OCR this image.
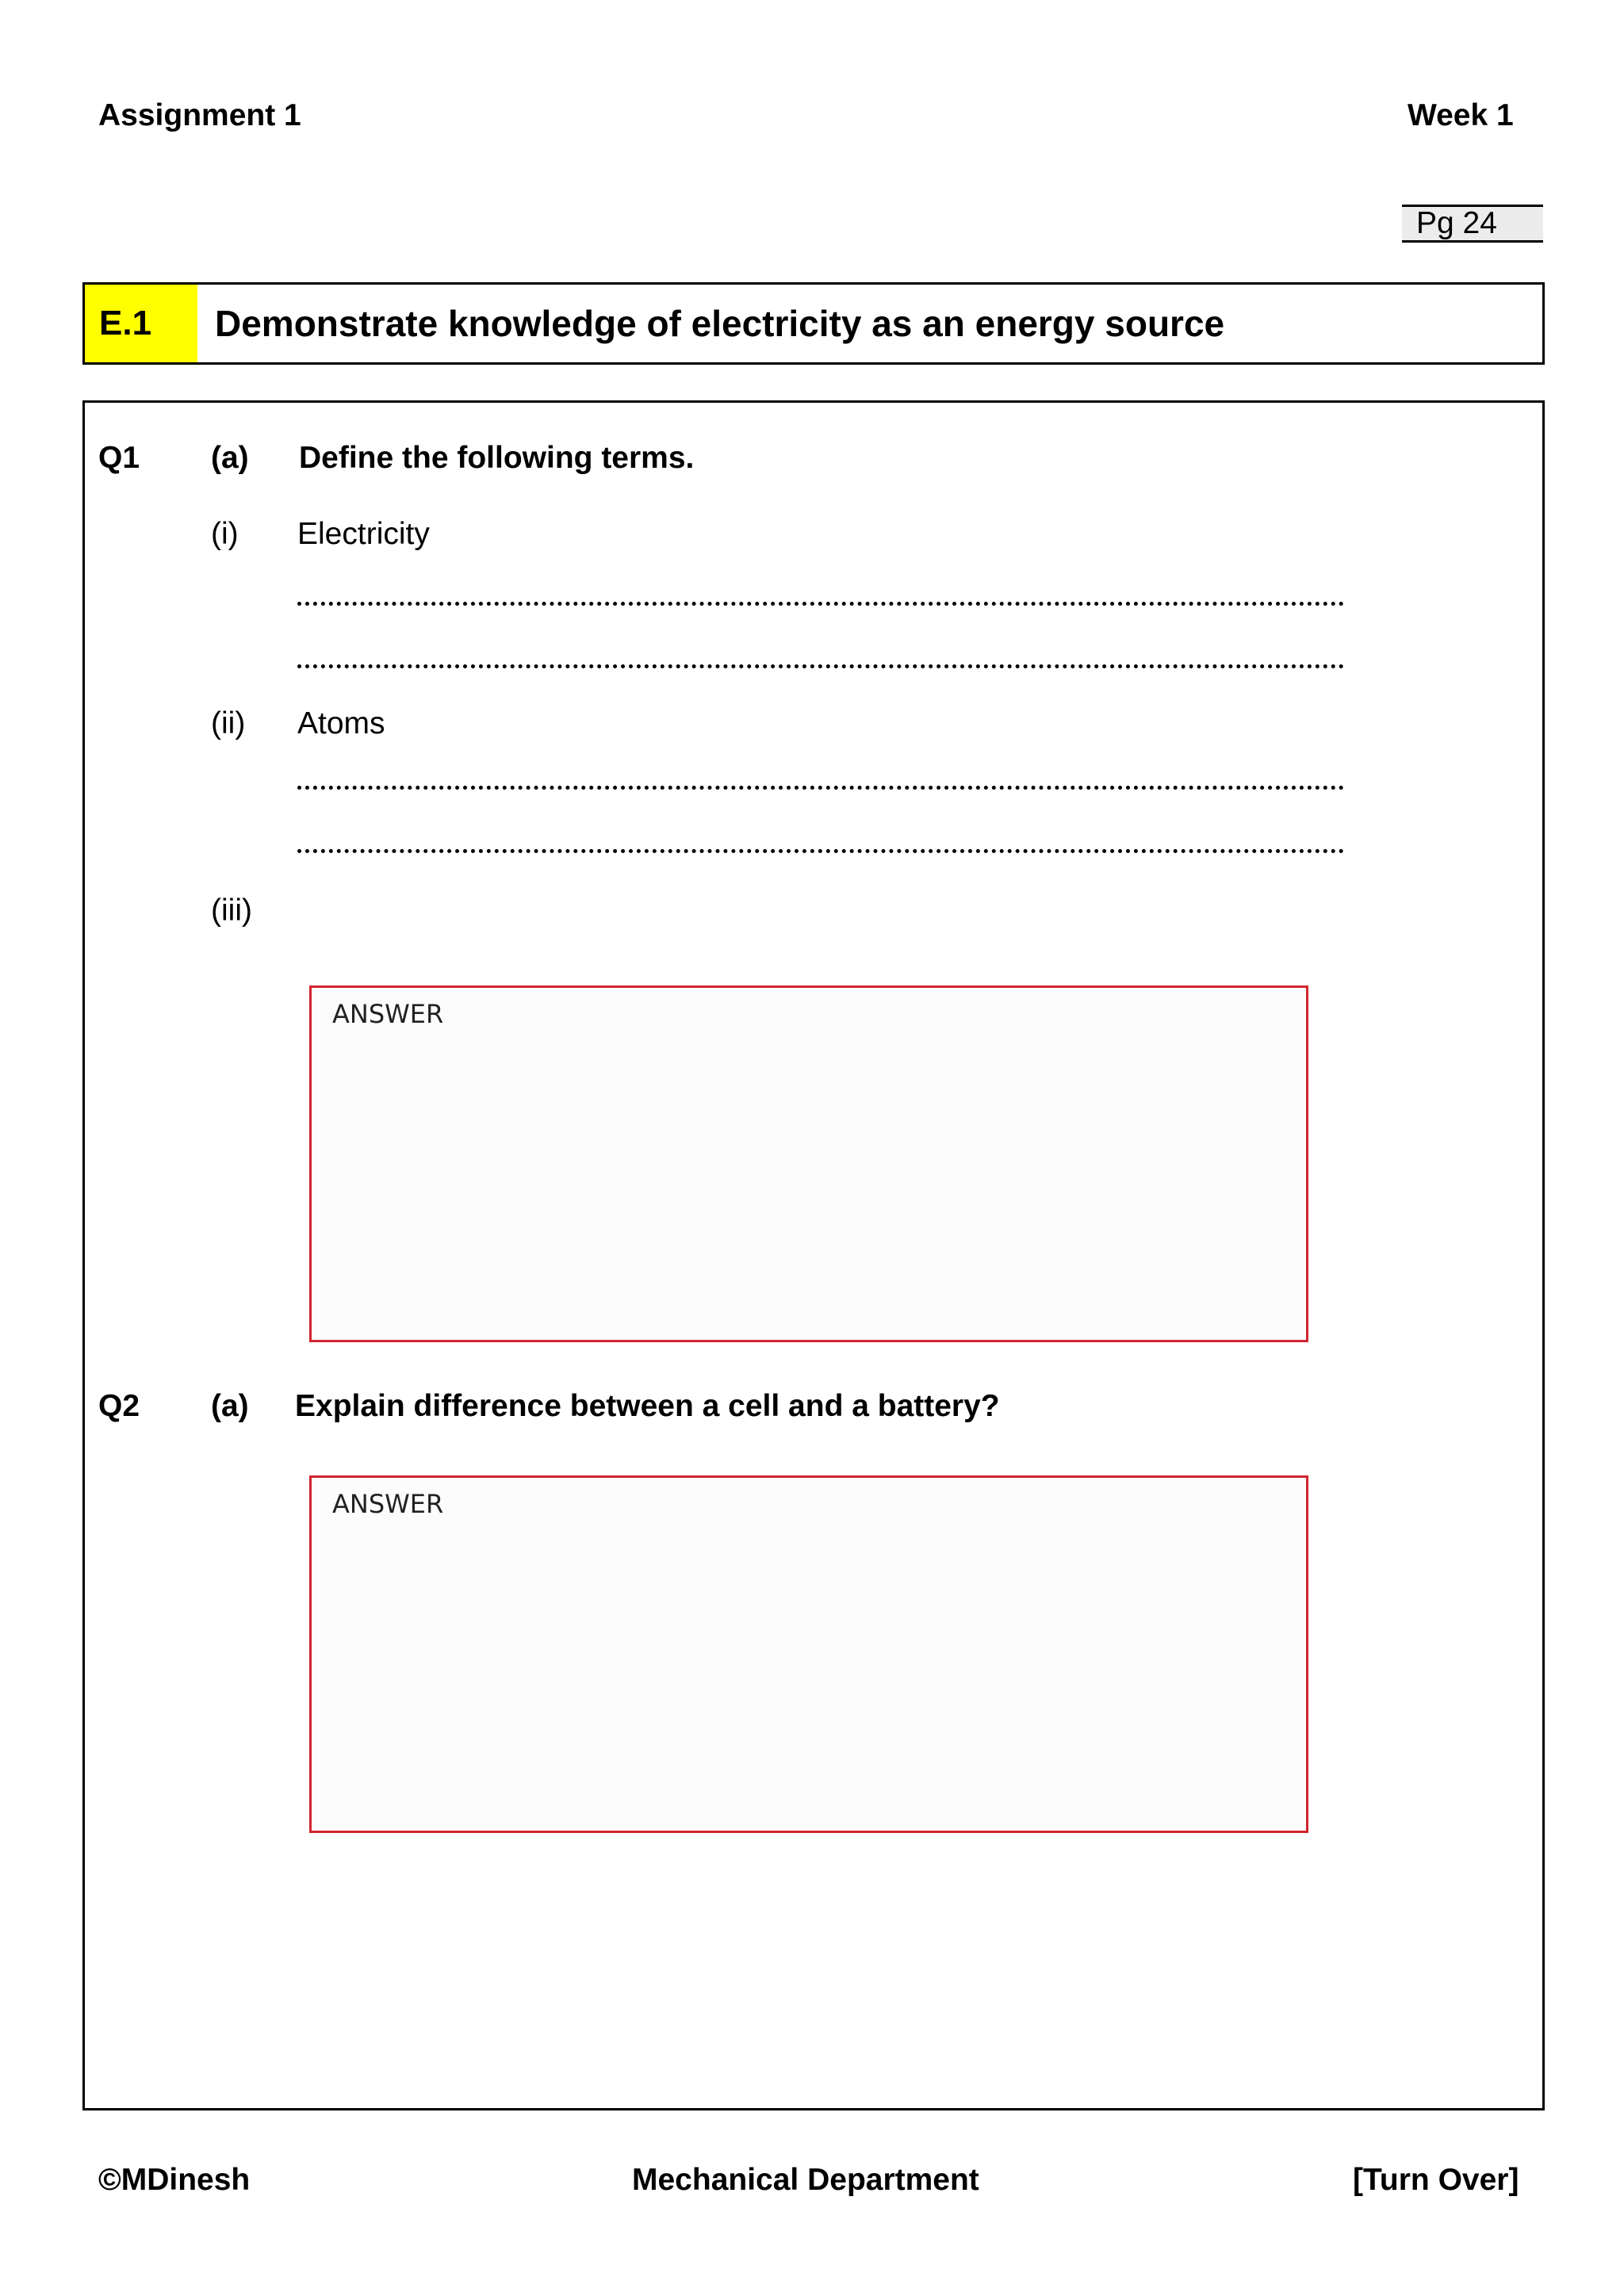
Assignment 1	Week 1
Pg 24
E.1	Demonstrate knowledge of electricity as an energy source
Q1 (a) Define the following terms.
(i) Electricity
(ii) Atoms
(iii)
ANSWER
Q2 (a) Explain difference between a cell and a battery?
ANSWER
©MDinesh	Mechanical Department	[Turn Over]
